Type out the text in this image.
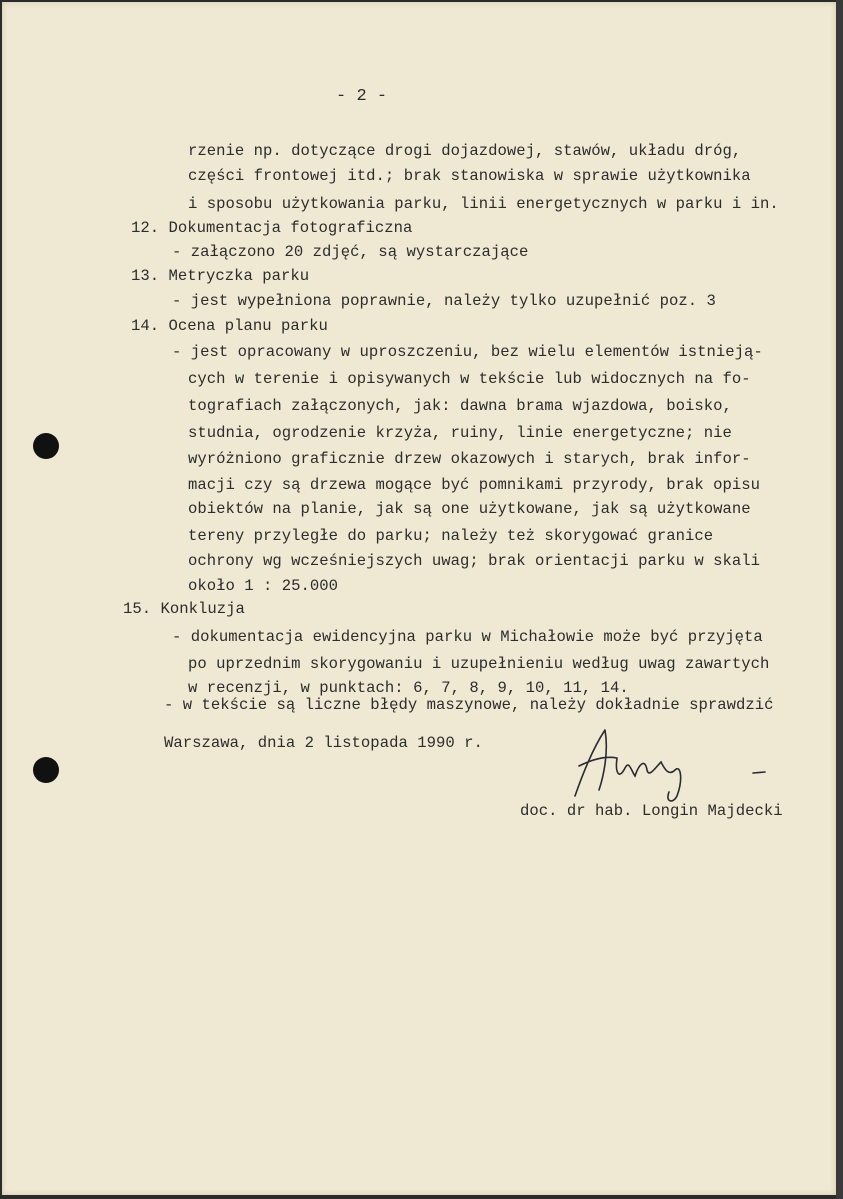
- 2 -
rzenie np. dotyczące drogi dojazdowej, stawów, układu dróg,
części frontowej itd.; brak stanowiska w sprawie użytkownika
i sposobu użytkowania parku, linii energetycznych w parku i in.
12. Dokumentacja fotograficzna
- załączono 20 zdjęć, są wystarczające
13. Metryczka parku
- jest wypełniona poprawnie, należy tylko uzupełnić poz. 3
14. Ocena planu parku
- jest opracowany w uproszczeniu, bez wielu elementów istnieją-
cych w terenie i opisywanych w tekście lub widocznych na fo-
tografiach załączonych, jak: dawna brama wjazdowa, boisko,
studnia, ogrodzenie krzyża, ruiny, linie energetyczne; nie
wyróżniono graficznie drzew okazowych i starych, brak infor-
macji czy są drzewa mogące być pomnikami przyrody, brak opisu
obiektów na planie, jak są one użytkowane, jak są użytkowane
tereny przyległe do parku; należy też skorygować granice
ochrony wg wcześniejszych uwag; brak orientacji parku w skali
około 1 : 25.000
15. Konkluzja
- dokumentacja ewidencyjna parku w Michałowie może być przyjęta
po uprzednim skorygowaniu i uzupełnieniu według uwag zawartych
w recenzji, w punktach: 6, 7, 8, 9, 10, 11, 14.
- w tekście są liczne błędy maszynowe, należy dokładnie sprawdzić
Warszawa, dnia 2 listopada 1990 r.
doc. dr hab. Longin Majdecki
